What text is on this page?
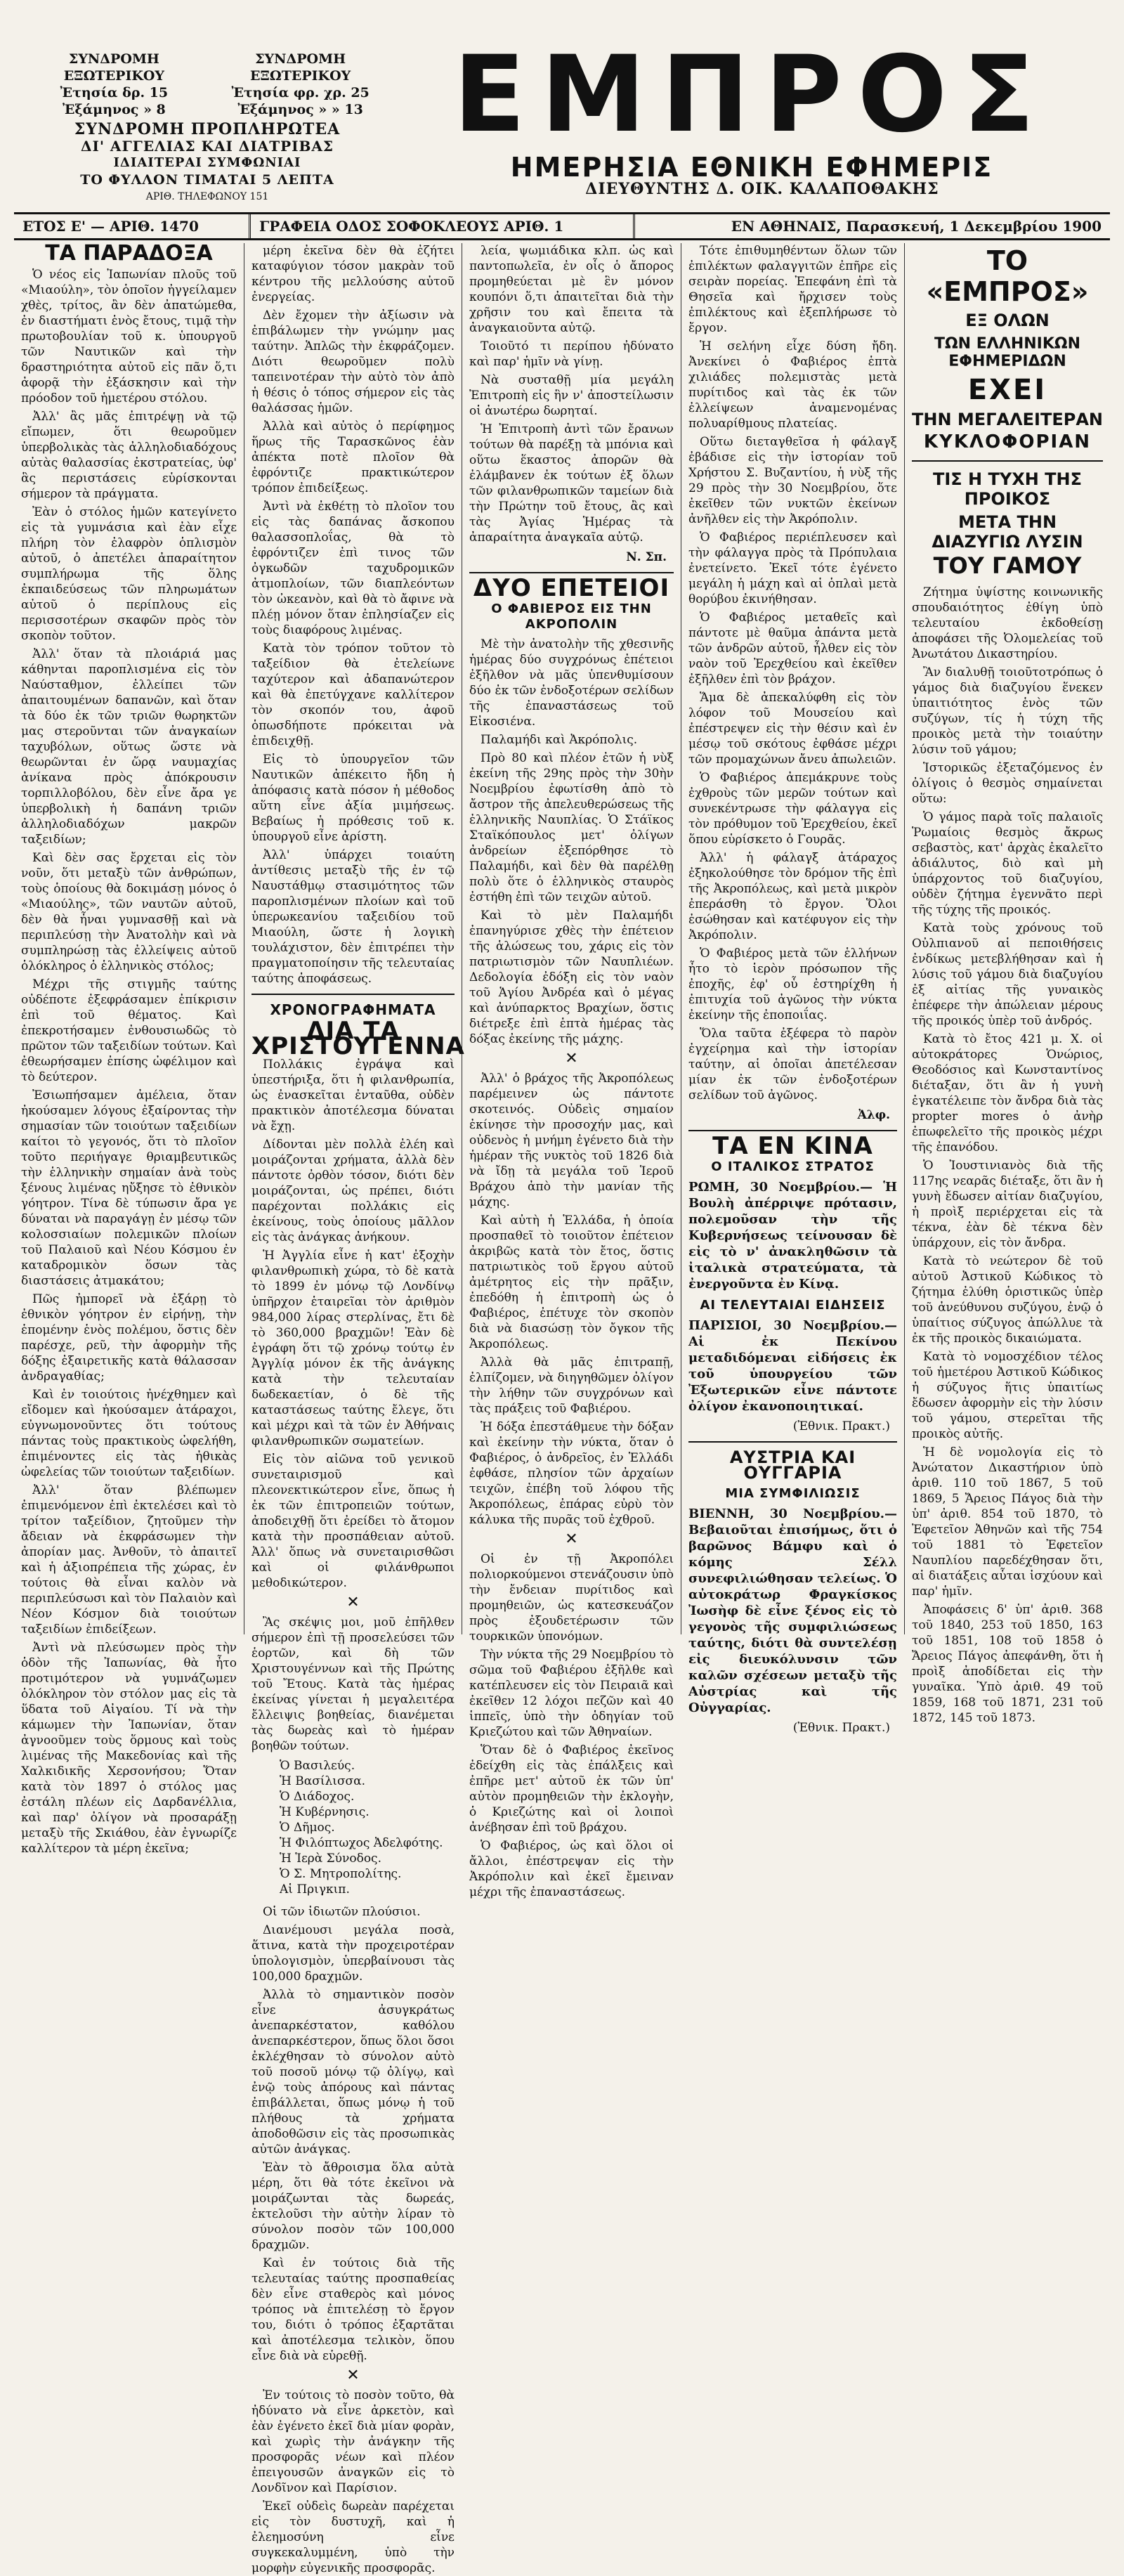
ΣΥΝΔΡΟΜΗ ΕΞΩΤΕΡΙΚΟΥ
ΣΥΝΔΡΟΜΗ ΕΞΩΤΕΡΙΚΟΥ
Ἐτησία δρ. 15	Ἐτησία φρ. χρ. 25
Ἐξάμηνος » 8	Ἐξάμηνος » » 13
ΣΥΝΔΡΟΜΗ ΠΡΟΠΛΗΡΩΤΕΑ
ΔΙ' ΑΓΓΕΛΙΑΣ ΚΑΙ ΔΙΑΤΡΙΒΑΣ
ΙΔΙΑΙΤΕΡΑΙ ΣΥΜΦΩΝΙΑΙ
ΤΟ ΦΥΛΛΟΝ ΤΙΜΑΤΑΙ 5 ΛΕΠΤΑ
ΑΡΙΘ. ΤΗΛΕΦΩΝΟΥ 151
ΕΜΠΡΟΣ
ΗΜΕΡΗΣΙΑ ΕΘΝΙΚΗ ΕΦΗΜΕΡΙΣ
ΔΙΕΥΘΥΝΤΗΣ Δ. ΟΙΚ. ΚΑΛΑΠΟΘΑΚΗΣ
ΕΤΟΣ Ε' — ΑΡΙΘ. 1470	ΓΡΑΦΕΙΑ ΟΔΟΣ ΣΟΦΟΚΛΕΟΥΣ ΑΡΙΘ. 1	ΕΝ ΑΘΗΝΑΙΣ, Παρασκευή, 1 Δεκεμβρίου 1900
ΤΑ ΠΑΡΑΔΟΞΑ

Ὁ νέος εἰς Ἰαπωνίαν πλοῦς τοῦ «Μιαούλη», τὸν ὁποῖον ἠγγείλαμεν χθὲς, τρίτος, ἂν δὲν ἀπατώμεθα, ἐν διαστήματι ἑνὸς ἔτους, τιμᾷ τὴν πρωτοβουλίαν τοῦ κ. ὑπουργοῦ τῶν Ναυτικῶν καὶ τὴν δραστηριότητα αὐτοῦ εἰς πᾶν ὅ,τι ἀφορᾷ τὴν ἐξάσκησιν καὶ τὴν πρόοδον τοῦ ἡμετέρου στόλου.

Ἀλλ' ἂς μᾶς ἐπιτρέψῃ νὰ τῷ εἴπωμεν, ὅτι θεωροῦμεν ὑπερβολικὰς τὰς ἀλληλοδιαδόχους αὐτὰς θαλασσίας ἐκστρατείας, ὑφ' ἃς περιστάσεις εὑρίσκονται σήμερον τὰ πράγματα.

Ἐὰν ὁ στόλος ἡμῶν κατεγίνετο εἰς τὰ γυμνάσια καὶ ἐὰν εἶχε πλήρη τὸν ἐλαφρὸν ὁπλισμὸν αὐτοῦ, ὁ ἀπετέλει ἀπαραίτητον συμπλήρωμα τῆς ὅλης ἐκπαιδεύσεως τῶν πληρωμάτων αὐτοῦ ὁ περίπλους εἰς περισσοτέρων σκαφῶν πρὸς τὸν σκοπὸν τοῦτον.

Ἀλλ' ὅταν τὰ πλοιάριά μας κάθηνται παροπλισμένα εἰς τὸν Ναύσταθμον, ἐλλείπει τῶν ἀπαιτουμένων δαπανῶν, καὶ ὅταν τὰ δύο ἐκ τῶν τριῶν θωρηκτῶν μας στεροῦνται τῶν ἀναγκαίων ταχυβόλων, οὕτως ὥστε νὰ θεωρῶνται ἐν ὥρᾳ ναυμαχίας ἀνίκανα πρὸς ἀπόκρουσιν τορπιλλοβόλου, δὲν εἶνε ἄρα γε ὑπερβολικὴ ἡ δαπάνη τριῶν ἀλληλοδιαδόχων μακρῶν ταξειδίων;

Καὶ δὲν σας ἔρχεται εἰς τὸν νοῦν, ὅτι μεταξὺ τῶν ἀνθρώπων, τοὺς ὁποίους θὰ δοκιμάσῃ μόνος ὁ «Μιαούλης», τῶν ναυτῶν αὐτοῦ, δὲν θὰ ἦναι γυμνασθῇ καὶ νὰ περιπλεύσῃ τὴν Ἀνατολὴν καὶ νὰ συμπληρώσῃ τὰς ἐλλείψεις αὐτοῦ ὁλόκληρος ὁ ἑλληνικὸς στόλος;

Μέχρι τῆς στιγμῆς ταύτης οὐδέποτε ἐξεφράσαμεν ἐπίκρισιν ἐπὶ τοῦ θέματος. Καὶ ἐπεκροτήσαμεν ἐνθουσιωδῶς τὸ πρῶτον τῶν ταξειδίων τούτων. Καὶ ἐθεωρήσαμεν ἐπίσης ὠφέλιμον καὶ τὸ δεύτερον.

Ἐσιωπήσαμεν ἀμέλεια, ὅταν ἠκούσαμεν λόγους ἐξαίροντας τὴν σημασίαν τῶν τοιούτων ταξειδίων καίτοι τὸ γεγονός, ὅτι τὸ πλοῖον τοῦτο περιήγαγε θριαμβευτικῶς τὴν ἑλληνικὴν σημαίαν ἀνὰ τοὺς ξένους λιμένας ηὔξησε τὸ ἐθνικὸν γόητρον. Τίνα δὲ τύπωσιν ἄρα γε δύναται νὰ παραγάγῃ ἐν μέσῳ τῶν κολοσσιαίων πολεμικῶν πλοίων τοῦ Παλαιοῦ καὶ Νέου Κόσμου ἐν καταδρομικὸν ὅσων τὰς διαστάσεις ἀτμακάτου;

Πῶς ἠμπορεῖ νὰ ἐξάρῃ τὸ ἐθνικὸν γόητρον ἐν εἰρήνῃ, τὴν ἑπομένην ἑνὸς πολέμου, ὅστις δὲν παρέσχε, ρεῦ, τὴν ἀφορμὴν τῆς δόξης ἐξαιρετικῆς κατὰ θάλασσαν ἀνδραγαθίας;

Καὶ ἐν τοιούτοις ἠνέχθημεν καὶ εἴδομεν καὶ ἠκούσαμεν ἀτάραχοι, εὐγνωμονοῦντες ὅτι τούτους πάντας τοὺς πρακτικοὺς ὠφελήθη, ἐπιμένοντες εἰς τὰς ἠθικὰς ὠφελείας τῶν τοιούτων ταξειδίων.

Ἀλλ' ὅταν βλέπωμεν ἐπιμενόμενον ἐπὶ ἐκτελέσει καὶ τὸ τρίτον ταξείδιον, ζητοῦμεν τὴν ἄδειαν νὰ ἐκφράσωμεν τὴν ἀπορίαν μας. Ἀνθοῦν, τὸ ἀπαιτεῖ καὶ ἡ ἀξιοπρέπεια τῆς χώρας, ἐν τούτοις θὰ εἶναι καλὸν νὰ περιπλεύσωσι καὶ τὸν Παλαιὸν καὶ Νέον Κόσμον διὰ τοιούτων ταξειδίων ἐπιδείξεων.

Ἀντὶ νὰ πλεύσωμεν πρὸς τὴν ὁδὸν τῆς Ἰαπωνίας, θὰ ἦτο προτιμότερον νὰ γυμνάζωμεν ὁλόκληρον τὸν στόλον μας εἰς τὰ ὕδατα τοῦ Αἰγαίου. Τί νὰ τὴν κάμωμεν τὴν Ἰαπωνίαν, ὅταν ἀγνοοῦμεν τοὺς ὅρμους καὶ τοὺς λιμένας τῆς Μακεδονίας καὶ τῆς Χαλκιδικῆς Χερσονήσου; Ὅταν κατὰ τὸν 1897 ὁ στόλος μας ἐστάλη πλέων εἰς Δαρδανέλλια, καὶ παρ' ὀλίγον νὰ προσαράξῃ μεταξὺ τῆς Σκιάθου, ἐὰν ἐγνωρίζε καλλίτερον τὰ μέρη ἐκεῖνα;

μέρη ἐκεῖνα δὲν θὰ ἐζήτει καταφύγιον τόσον μακρὰν τοῦ κέντρου τῆς μελλούσης αὐτοῦ ἐνεργείας.

Δὲν ἔχομεν τὴν ἀξίωσιν νὰ ἐπιβάλωμεν τὴν γνώμην μας ταύτην. Ἁπλῶς τὴν ἐκφράζομεν. Διότι θεωροῦμεν πολὺ ταπεινοτέραν τὴν αὐτὸ τὸν ἀπὸ ἡ θέσις ὁ τόπος σήμερον εἰς τὰς θαλάσσας ἡμῶν.

Ἀλλὰ καὶ αὐτὸς ὁ περίφημος ἥρως τῆς Ταρασκῶνος ἐὰν ἀπέκτα ποτὲ πλοῖον θὰ ἐφρόντιζε πρακτικώτερον τρόπον ἐπιδείξεως.

Ἀντὶ νὰ ἐκθέτῃ τὸ πλοῖον του εἰς τὰς δαπάνας ἄσκοπου θαλασσοπλοΐας, θὰ τὸ ἐφρόντιζεν ἐπὶ τινος τῶν ὀγκωδῶν ταχυδρομικῶν ἀτμοπλοίων, τῶν διαπλεόντων τὸν ὠκεανὸν, καὶ θὰ τὸ ἄφινε νὰ πλέῃ μόνον ὅταν ἐπλησίαζεν εἰς τοὺς διαφόρους λιμένας.

Κατὰ τὸν τρόπον τοῦτον τὸ ταξείδιον θὰ ἐτελείωνε ταχύτερον καὶ ἀδαπανώτερον καὶ θὰ ἐπετύγχανε καλλίτερον τὸν σκοπόν του, ἀφοῦ ὁπωσδήποτε πρόκειται νὰ ἐπιδειχθῇ.

Εἰς τὸ ὑπουργεῖον τῶν Ναυτικῶν ἀπέκειτο ἤδη ἡ ἀπόφασις κατὰ πόσον ἡ μέθοδος αὕτη εἶνε ἀξία μιμήσεως. Βεβαίως ἡ πρόθεσις τοῦ κ. ὑπουργοῦ εἶνε ἀρίστη.

Ἀλλ' ὑπάρχει τοιαύτη ἀντίθεσις μεταξὺ τῆς ἐν τῷ Ναυστάθμῳ στασιμότητος τῶν παροπλισμένων πλοίων καὶ τοῦ ὑπερωκεανίου ταξειδίου τοῦ Μιαούλη, ὥστε ἡ λογικὴ τουλάχιστον, δὲν ἐπιτρέπει τὴν πραγματοποίησιν τῆς τελευταίας ταύτης ἀποφάσεως.

ΧΡΟΝΟΓΡΑΦΗΜΑΤΑ
ΔΙΑ ΤΑ ΧΡΙΣΤΟΥΓΕΝΝΑ

Πολλάκις ἐγράψα καὶ ὑπεστήριξα, ὅτι ἡ φιλανθρωπία, ὡς ἐνασκεῖται ἐνταῦθα, οὐδὲν πρακτικὸν ἀποτέλεσμα δύναται νὰ ἔχῃ.

Δίδονται μὲν πολλὰ ἐλέη καὶ μοιράζονται χρήματα, ἀλλὰ δὲν πάντοτε ὀρθὸν τόσον, διότι δὲν μοιράζονται, ὡς πρέπει, διότι παρέχονται πολλάκις εἰς ἐκείνους, τοὺς ὁποίους μᾶλλον εἰς τὰς ἀνάγκας ἀνήκουν.

Ἡ Ἀγγλία εἶνε ἡ κατ' ἐξοχὴν φιλανθρωπικὴ χώρα, τὸ δὲ κατὰ τὸ 1899 ἐν μόνῳ τῷ Λονδίνῳ ὑπῆρχον ἑταιρεῖαι τὸν ἀριθμὸν 984,000 λίρας στερλίνας, ἔτι δὲ τὸ 360,000 βραχμῶν! Ἐὰν δὲ ἐγράφη ὅτι τῷ χρόνῳ τούτῳ ἐν Ἀγγλίᾳ μόνον ἐκ τῆς ἀνάγκης κατὰ τὴν τελευταίαν δωδεκαετίαν, ὁ δὲ τῆς καταστάσεως ταύτης ἔλεγε, ὅτι καὶ μέχρι καὶ τὰ τῶν ἐν Ἀθήναις φιλανθρωπικῶν σωματείων.

Εἰς τὸν αἰῶνα τοῦ γενικοῦ συνεταιρισμοῦ καὶ πλεονεκτικώτερον εἶνε, ὅπως ἡ ἐκ τῶν ἐπιτροπειῶν τούτων, ἀποδειχθῇ ὅτι ἐρείδει τὸ ἄτομον κατὰ τὴν προσπάθειαν αὐτοῦ. Ἀλλ' ὅπως νὰ συνεταιρισθῶσι καὶ οἱ φιλάνθρωποι μεθοδικώτερον.

✕

Ἂς σκέψις μοι, μοῦ ἐπῆλθεν σήμερον ἐπὶ τῇ προσελεύσει τῶν ἑορτῶν, καὶ δὴ τῶν Χριστουγέννων καὶ τῆς Πρώτης τοῦ Ἔτους. Κατὰ τὰς ἡμέρας ἐκείνας γίνεται ἡ μεγαλειτέρα ἔλλειψις βοηθείας, διανέμεται τὰς δωρεὰς καὶ τὸ ἡμέραν βοηθῶν τούτων.

Ὁ Βασιλεύς.
Ἡ Βασίλισσα.
Ὁ Διάδοχος.
Ἡ Κυβέρνησις.
Ὁ Δῆμος.
Ἡ Φιλόπτωχος Ἀδελφότης.
Ἡ Ἱερὰ Σύνοδος.
Ὁ Σ. Μητροπολίτης.
Αἱ Πριγκιπ.

Οἱ τῶν ἰδιωτῶν πλούσιοι.

Διανέμουσι μεγάλα ποσὰ, ἅτινα, κατὰ τὴν προχειροτέραν ὑπολογισμὸν, ὑπερβαίνουσι τὰς 100,000 δραχμῶν.

Ἀλλὰ τὸ σημαντικὸν ποσὸν εἶνε ἀσυγκράτως ἀνεπαρκέστατον, καθόλου ἀνεπαρκέστερον, ὅπως ὅλοι ὅσοι ἐκλέχθησαν τὸ σύνολον αὐτὸ τοῦ ποσοῦ μόνῳ τῷ ὀλίγῳ, καὶ ἐνῷ τοὺς ἀπόρους καὶ πάντας ἐπιβάλλεται, ὅπως μόνῳ ἡ τοῦ πλήθους τὰ χρήματα ἀποδοθῶσιν εἰς τὰς προσωπικὰς αὐτῶν ἀνάγκας.

Ἐὰν τὸ ἄθροισμα ὅλα αὐτὰ μέρη, ὅτι θὰ τότε ἐκεῖνοι νὰ μοιράζωνται τὰς δωρεάς, ἐκτελοῦσι τὴν αὐτὴν λίραν τὸ σύνολον ποσὸν τῶν 100,000 δραχμῶν.

Καὶ ἐν τούτοις διὰ τῆς τελευταίας ταύτης προσπαθείας δὲν εἶνε σταθερὸς καὶ μόνος τρόπος νὰ ἐπιτελέσῃ τὸ ἔργον του, διότι ὁ τρόπος ἐξαρτᾶται καὶ ἀποτέλεσμα τελικὸν, ὅπου εἶνε διὰ νὰ εὑρεθῇ.

✕

Ἐν τούτοις τὸ ποσὸν τοῦτο, θὰ ἠδύνατο νὰ εἶνε ἀρκετὸν, καὶ ἐὰν ἐγένετο ἐκεῖ διὰ μίαν φορὰν, καὶ χωρὶς τὴν ἀνάγκην τῆς προσφορᾶς νέων καὶ πλέον ἐπειγουσῶν ἀναγκῶν εἰς τὸ Λονδῖνον καὶ Παρίσιον.

Ἐκεῖ οὐδεὶς δωρεὰν παρέχεται εἰς τὸν δυστυχῆ, καὶ ἡ ἐλεημοσύνη εἶνε συγκεκαλυμμένη, ὑπὸ τὴν μορφὴν εὐγενικῆς προσφορᾶς.

λεία, ψωμιάδικα κλπ. ὡς καὶ παντοπωλεῖα, ἐν οἷς ὁ ἄπορος προμηθεύεται μὲ ἓν μόνον κουπόνι ὅ,τι ἀπαιτεῖται διὰ τὴν χρῆσιν του καὶ ἔπειτα τὰ ἀναγκαιοῦντα αὐτῷ.

Τοιοῦτό τι περίπου ἠδύνατο καὶ παρ' ἡμῖν νὰ γίνῃ.

Νὰ συσταθῇ μία μεγάλη Ἐπιτροπὴ εἰς ἣν ν' ἀποστείλωσιν οἱ ἀνωτέρω δωρηταί.

Ἡ Ἐπιτροπὴ ἀντὶ τῶν ἔρανων τούτων θὰ παρέξῃ τὰ μπόνια καὶ οὕτω ἕκαστος ἀπορῶν θὰ ἐλάμβανεν ἐκ τούτων ἐξ ὅλων τῶν φιλανθρωπικῶν ταμείων διὰ τὴν Πρώτην τοῦ ἔτους, ἂς καὶ τὰς Ἀγίας Ἡμέρας τὰ ἀπαραίτητα ἀναγκαῖα αὐτῷ.

Ν. Σπ.
ΔΥΟ ΕΠΕΤΕΙΟΙ
Ο ΦΑΒΙΕΡΟΣ ΕΙΣ ΤΗΝ ΑΚΡΟΠΟΛΙΝ

Μὲ τὴν ἀνατολὴν τῆς χθεσινῆς ἡμέρας δύο συγχρόνως ἐπέτειοι ἐξῆλθον νὰ μᾶς ὑπενθυμίσουν δύο ἐκ τῶν ἐνδοξοτέρων σελίδων τῆς ἐπαναστάσεως τοῦ Εἰκοσιένα.

Παλαμήδι καὶ Ἀκρόπολις.

Πρὸ 80 καὶ πλέον ἐτῶν ἡ νὺξ ἐκείνη τῆς 29ης πρὸς τὴν 30ὴν Νοεμβρίου ἐφωτίσθη ἀπὸ τὸ ἄστρον τῆς ἀπελευθερώσεως τῆς ἐλληνικῆς Ναυπλίας. Ὁ Στάϊκος Σταϊκόπουλος μετ' ὀλίγων ἀνδρείων ἐξεπόρθησε τὸ Παλαμήδι, καὶ δὲν θὰ παρέλθῃ πολὺ ὅτε ὁ ἑλληνικὸς σταυρὸς ἐστήθη ἐπὶ τῶν τειχῶν αὐτοῦ.

Καὶ τὸ μὲν Παλαμήδι ἐπανηγύρισε χθὲς τὴν ἐπέτειον τῆς ἁλώσεως του, χάρις εἰς τὸν πατριωτισμὸν τῶν Ναυπλιέων. Δεδολογία ἐδόξη εἰς τὸν ναὸν τοῦ Ἁγίου Ἀνδρέα καὶ ὁ μέγας καὶ ἀνύπαρκτος Βραχίων, ὅστις διέτρεξε ἐπὶ ἑπτὰ ἡμέρας τὰς δόξας ἐκείνης τῆς μάχης.

✕

Ἀλλ' ὁ βράχος τῆς Ἀκροπόλεως παρέμεινεν ὡς πάντοτε σκοτεινός. Οὐδεὶς σημαίον ἐκίνησε τὴν προσοχήν μας, καὶ οὐδενὸς ἡ μνήμη ἐγένετο διὰ τὴν ἡμέραν τῆς νυκτὸς τοῦ 1826 διὰ νὰ ἴδῃ τὰ μεγάλα τοῦ Ἱεροῦ Βράχου ἀπὸ τὴν μανίαν τῆς μάχης.

Καὶ αὐτὴ ἡ Ἑλλάδα, ἡ ὁποία προσπαθεῖ τὸ τοιοῦτον ἐπέτειον ἀκριβῶς κατὰ τὸν ἔτος, ὅστις πατριωτικὸς τοῦ ἔργου αὐτοῦ ἀμέτρητος εἰς τὴν πρᾶξιν, ἐπεδόθη ἡ ἐπιτροπὴ ὡς ὁ Φαβιέρος, ἐπέτυχε τὸν σκοπὸν διὰ νὰ διασώσῃ τὸν ὄγκον τῆς Ἀκροπόλεως.

Ἀλλὰ θὰ μᾶς ἐπιτραπῇ, ἐλπίζομεν, νὰ διηγηθῶμεν ὀλίγον τὴν λήθην τῶν συγχρόνων καὶ τὰς πράξεις τοῦ Φαβιέρου.

Ἡ δόξα ἐπεστάθμευε τὴν δόξαν καὶ ἐκείνην τὴν νύκτα, ὅταν ὁ Φαβιέρος, ὁ ἀνδρεῖος, ἐν Ἑλλάδι ἐφθάσε, πλησίον τῶν ἀρχαίων τειχῶν, ἐπέβη τοῦ λόφου τῆς Ἀκροπόλεως, ἐπάρας εὐρὺ τὸν κάλυκα τῆς πυρᾶς τοῦ ἐχθροῦ.

✕

Οἱ ἐν τῇ Ἀκροπόλει πολιορκούμενοι στενάζουσιν ὑπὸ τὴν ἔνδειαν πυρίτιδος καὶ προμηθειῶν, ὡς κατεσκευάζον πρὸς ἐξουδετέρωσιν τῶν τουρκικῶν ὑπονόμων.

Τὴν νύκτα τῆς 29 Νοεμβρίου τὸ σῶμα τοῦ Φαβιέρου ἐξῆλθε καὶ κατέπλευσεν εἰς τὸν Πειραιᾶ καὶ ἐκεῖθεν 12 λόχοι πεζῶν καὶ 40 ἱππεῖς, ὑπὸ τὴν ὁδηγίαν τοῦ Κριεζώτου καὶ τῶν Ἀθηναίων.

Ὅταν δὲ ὁ Φαβιέρος ἐκεῖνος ἐδείχθη εἰς τὰς ἐπάλξεις καὶ ἐπῆρε μετ' αὐτοῦ ἐκ τῶν ὑπ' αὐτὸν προμηθειῶν τὴν ἐκλογὴν, ὁ Κριεζώτης καὶ οἱ λοιποὶ ἀνέβησαν ἐπὶ τοῦ βράχου.

Ὁ Φαβιέρος, ὡς καὶ ὅλοι οἱ ἄλλοι, ἐπέστρεψαν εἰς τὴν Ἀκρόπολιν καὶ ἐκεῖ ἔμειναν μέχρι τῆς ἐπαναστάσεως.

Τότε ἐπιθυμηθέντων ὅλων τῶν ἐπιλέκτων φαλαγγιτῶν ἐπῆρε εἰς σειρὰν πορείας. Ἐπεφάνη ἐπὶ τὰ Θησεῖα καὶ ἤρχισεν τοὺς ἐπιλέκτους καὶ ἐξεπλήρωσε τὸ ἔργον.

Ἡ σελήνη εἶχε δύση ἤδη. Ἀνεκίνει ὁ Φαβιέρος ἑπτὰ χιλιάδες πολεμιστὰς μετὰ πυρίτιδος καὶ τὰς ἐκ τῶν ἐλλείψεων ἀναμενομένας πολυαρίθμους πλατείας.

Οὕτω διεταγθεῖσα ἡ φάλαγξ ἐβάδισε εἰς τὴν ἱστορίαν τοῦ Χρήστου Σ. Βυζαντίου, ἡ νὺξ τῆς 29 πρὸς τὴν 30 Νοεμβρίου, ὅτε ἐκεῖθεν τῶν νυκτῶν ἐκείνων ἀνῆλθεν εἰς τὴν Ἀκρόπολιν.

Ὁ Φαβιέρος περιέπλευσεν καὶ τὴν φάλαγγα πρὸς τὰ Πρόπυλαια ἐνετείνετο. Ἐκεῖ τότε ἐγένετο μεγάλη ἡ μάχη καὶ αἱ ὁπλαὶ μετὰ θορύβου ἐκινήθησαν.

Ὁ Φαβιέρος μεταθεῖς καὶ πάντοτε μὲ θαῦμα ἀπάντα μετὰ τῶν ἀνδρῶν αὐτοῦ, ἦλθεν εἰς τὸν ναὸν τοῦ Ἐρεχθείου καὶ ἐκεῖθεν ἐξῆλθεν ἐπὶ τὸν βράχον.

Ἅμα δὲ ἀπεκαλύφθη εἰς τὸν λόφον τοῦ Μουσείου καὶ ἐπέστρεψεν εἰς τὴν θέσιν καὶ ἐν μέσῳ τοῦ σκότους ἐφθάσε μέχρι τῶν προμαχώνων ἄνευ ἀπωλειῶν.

Ὁ Φαβιέρος ἀπεμάκρυνε τοὺς ἐχθροὺς τῶν μερῶν τούτων καὶ συνεκέντρωσε τὴν φάλαγγα εἰς τὸν πρόθυμον τοῦ Ἐρεχθείου, ἐκεῖ ὅπου εὑρίσκετο ὁ Γουρᾶς.

Ἀλλ' ἡ φάλαγξ ἀτάραχος ἐξηκολούθησε τὸν δρόμον τῆς ἐπὶ τῆς Ἀκροπόλεως, καὶ μετὰ μικρὸν ἐπεράσθη τὸ ἔργον. Ὅλοι ἐσώθησαν καὶ κατέφυγον εἰς τὴν Ἀκρόπολιν.

Ὁ Φαβιέρος μετὰ τῶν ἑλλήνων ἦτο τὸ ἱερὸν πρόσωπον τῆς ἐποχῆς, ἐφ' οὗ ἐστηρίχθη ἡ ἐπιτυχία τοῦ ἀγῶνος τὴν νύκτα ἐκείνην τῆς ἐποποιΐας.

Ὅλα ταῦτα ἐξέφερα τὸ παρὸν ἐγχείρημα καὶ τὴν ἱστορίαν ταύτην, αἱ ὁποῖαι ἀπετέλεσαν μίαν ἐκ τῶν ἐνδοξοτέρων σελίδων τοῦ ἀγῶνος.

Ἀλφ.
ΤΑ ΕΝ ΚΙΝΑ
Ο ΙΤΑΛΙΚΟΣ ΣΤΡΑΤΟΣ
ΡΩΜΗ, 30 Νοεμβρίου.— Ἡ Βουλὴ ἀπέρριψε πρότασιν, πολεμοῦσαν τὴν τῆς Κυβερνήσεως τείνουσαν δὲ εἰς τὸ ν' ἀνακληθῶσιν τὰ ἰταλικὰ στρατεύματα, τὰ ἐνεργοῦντα ἐν Κίνᾳ.
ΑΙ ΤΕΛΕΥΤΑΙΑΙ ΕΙΔΗΣΕΙΣ
ΠΑΡΙΣΙΟΙ, 30 Νοεμβρίου.— Αἱ ἐκ Πεκίνου μεταδιδόμεναι εἰδήσεις ἐκ τοῦ ὑπουργείου τῶν Ἐξωτερικῶν εἶνε πάντοτε ὀλίγον ἐκανοποιητικαί.
(Ἐθνικ. Πρακτ.)
ΑΥΣΤΡΙΑ ΚΑΙ ΟΥΓΓΑΡΙΑ
ΜΙΑ ΣΥΜΦΙΛΙΩΣΙΣ
ΒΙΕΝΝΗ, 30 Νοεμβρίου.— Βεβαιοῦται ἐπισήμως, ὅτι ὁ βαρῶνος Βάμφυ καὶ ὁ κόμης Σέλλ συνεφιλιώθησαν τελείως. Ὁ αὐτοκράτωρ Φραγκίσκος Ἰωσὴφ δὲ εἶνε ξένος εἰς τὸ γεγονὸς τῆς συμφιλιώσεως ταύτης, διότι θὰ συντελέσῃ εἰς διευκόλυνσιν τῶν καλῶν σχέσεων μεταξὺ τῆς Αὐστρίας καὶ τῆς Οὐγγαρίας.
(Ἐθνικ. Πρακτ.)
ΤΟ «ΕΜΠΡΟΣ»
ΕΞ ΟΛΩΝ
ΤΩΝ ΕΛΛΗΝΙΚΩΝ ΕΦΗΜΕΡΙΔΩΝ
ΕΧΕΙ
ΤΗΝ ΜΕΓΑΛΕΙΤΕΡΑΝ
ΚΥΚΛΟΦΟΡΙΑΝ
ΤΙΣ Η ΤΥΧΗ ΤΗΣ ΠΡΟΙΚΟΣ
ΜΕΤΑ ΤΗΝ ΔΙΑΖΥΓΙΩ ΛΥΣΙΝ
ΤΟΥ ΓΑΜΟΥ

Ζήτημα ὑψίστης κοινωνικῆς σπουδαιότητος ἐθίγη ὑπὸ τελευταίου ἐκδοθείσῃ ἀποφάσει τῆς Ὀλομελείας τοῦ Ἀνωτάτου Δικαστηρίου.

Ἂν διαλυθῇ τοιοῦτοτρόπως ὁ γάμος διὰ διαζυγίου ἕνεκεν ὑπαιτιότητος ἑνὸς τῶν συζύγων, τίς ἡ τύχη τῆς προικὸς μετὰ τὴν τοιαύτην λύσιν τοῦ γάμου;

Ἱστορικῶς ἐξεταζόμενος ἐν ὀλίγοις ὁ θεσμὸς σημαίνεται οὕτω:

Ὁ γάμος παρὰ τοῖς παλαιοῖς Ῥωμαίοις θεσμὸς ἄκρως σεβαστὸς, κατ' ἀρχὰς ἐκαλεῖτο ἀδιάλυτος, διὸ καὶ μὴ ὑπάρχοντος τοῦ διαζυγίου, οὐδὲν ζήτημα ἐγεννᾶτο περὶ τῆς τύχης τῆς προικός.

Κατὰ τοὺς χρόνους τοῦ Οὐλπιανοῦ αἱ πεποιθήσεις ἐνδίκως μετεβλήθησαν καὶ ἡ λύσις τοῦ γάμου διὰ διαζυγίου ἐξ αἰτίας τῆς γυναικὸς ἐπέφερε τὴν ἀπώλειαν μέρους τῆς προικός ὑπὲρ τοῦ ἀνδρός.

Κατὰ τὸ ἔτος 421 μ. Χ. οἱ αὐτοκράτορες Ὁνώριος, Θεοδόσιος καὶ Κωνσταντίνος διέταξαν, ὅτι ἂν ἡ γυνὴ ἐγκατέλειπε τὸν ἄνδρα διὰ τὰς propter mores ὁ ἀνὴρ ἐπωφελεῖτο τῆς προικὸς μέχρι τῆς ἐπανόδου.

Ὁ Ἰουστινιανὸς διὰ τῆς 117ης νεαρᾶς διέταξε, ὅτι ἂν ἡ γυνὴ ἔδωσεν αἰτίαν διαζυγίου, ἡ προὶξ περιέρχεται εἰς τὰ τέκνα, ἐὰν δὲ τέκνα δὲν ὑπάρχουν, εἰς τὸν ἄνδρα.

Κατὰ τὸ νεώτερον δὲ τοῦ αὐτοῦ Ἀστικοῦ Κώδικος τὸ ζήτημα ἐλύθη ὁριστικῶς ὑπὲρ τοῦ ἀνεύθυνου συζύγου, ἐνῷ ὁ ὑπαίτιος σύζυγος ἀπώλλυε τὰ ἐκ τῆς προικὸς δικαιώματα.

Κατὰ τὸ νομοσχέδιον τέλος τοῦ ἡμετέρου Ἀστικοῦ Κώδικος ἡ σύζυγος ἥτις ὑπαιτίως ἔδωσεν ἀφορμὴν εἰς τὴν λύσιν τοῦ γάμου, στερεῖται τῆς προικὸς αὐτῆς.

Ἡ δὲ νομολογία εἰς τὸ Ἀνώτατον Δικαστήριον ὑπὸ ἀριθ. 110 τοῦ 1867, 5 τοῦ 1869, 5 Ἄρειος Πάγος διὰ τὴν ὑπ' ἀριθ. 854 τοῦ 1870, τὸ Ἐφετεῖον Ἀθηνῶν καὶ τῆς 754 τοῦ 1881 τὸ Ἐφετεῖον Ναυπλίου παρεδέχθησαν ὅτι, αἱ διατάξεις αὗται ἰσχύουν καὶ παρ' ἡμῖν.

Ἀποφάσεις δ' ὑπ' ἀριθ. 368 τοῦ 1840, 253 τοῦ 1850, 163 τοῦ 1851, 108 τοῦ 1858 ὁ Ἄρειος Πάγος ἀπεφάνθη, ὅτι ἡ προὶξ ἀποδίδεται εἰς τὴν γυναῖκα. Ὑπὸ ἀριθ. 49 τοῦ 1859, 168 τοῦ 1871, 231 τοῦ 1872, 145 τοῦ 1873.
